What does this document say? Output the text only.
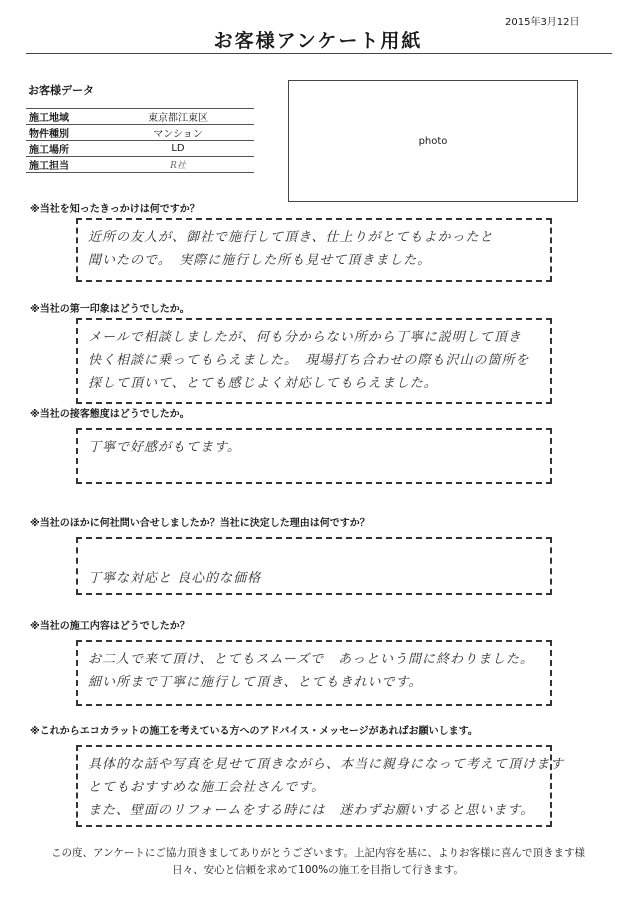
2015年3月12日
お客様アンケート用紙
お客様データ
施工地域	東京都江東区
物件種別	マンション
施工場所	LD
施工担当	R社
photo
※当社を知ったきっかけは何ですか？
近所の友人が、御社で施行して頂き、仕上りがとてもよかったと
聞いたので。　実際に施行した所も見せて頂きました。
※当社の第一印象はどうでしたか。
メールで相談しましたが、何も分からない所から丁寧に説明して頂き
快く相談に乗ってもらえました。　現場打ち合わせの際も沢山の箇所を
探して頂いて、とても感じよく対応してもらえました。
※当社の接客態度はどうでしたか。
丁寧で好感がもてます。
※当社のほかに何社問い合せしましたか？当社に決定した理由は何ですか？
丁寧な対応と 良心的な価格
※当社の施工内容はどうでしたか？
お二人で来て頂け、とてもスムーズで　あっという間に終わりました。
細い所まで丁寧に施行して頂き、とてもきれいです。
※これからエコカラットの施工を考えている方へのアドバイス・メッセージがあればお願いします。
具体的な話や写真を見せて頂きながら、本当に親身になって考えて頂けます
とてもおすすめな施工会社さんです。
また、壁面のリフォームをする時には　迷わずお願いすると思います。
この度、アンケートにご協力頂きましてありがとうございます。上記内容を基に、よりお客様に喜んで頂きます様
日々、安心と信頼を求めて100%の施工を目指して行きます。
